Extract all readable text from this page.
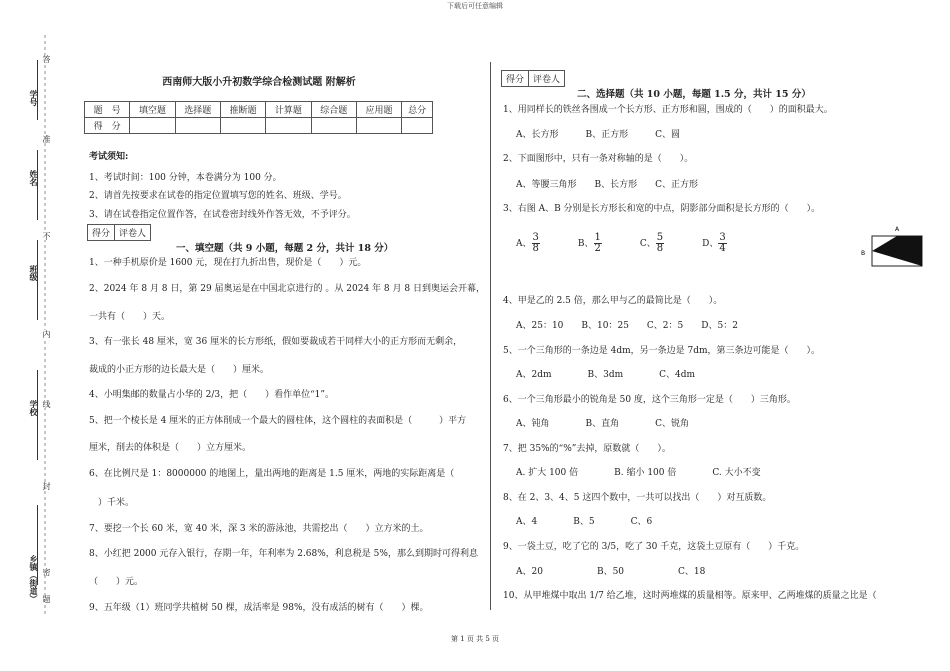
下载后可任意编辑
学号
姓名
班级
学校
乡镇（街道）
答
准
不
内
线
封
密
题
西南师大版小升初数学综合检测试题 附解析
题　号	填空题	选择题	推断题	计算题	综合题	应用题	总分
得　分							
考试须知:
1、考试时间：100 分钟，本卷满分为 100 分。
2、请首先按要求在试卷的指定位置填写您的姓名、班级、学号。
3、请在试卷指定位置作答，在试卷密封线外作答无效，不予评分。
得分	评卷人
一、填空题（共 9 小题，每题 2 分，共计 18 分）
1、一种手机原价是 1600 元，现在打九折出售，现价是（　　）元。
2、2024 年 8 月 8 日，第 29 届奥运是在中国北京进行的 。从 2024 年 8 月 8 日到奥运会开幕，
一共有（　　）天。
3、有一张长 48 厘米，宽 36 厘米的长方形纸，假如要裁成若干同样大小的正方形而无剩余，
裁成的小正方形的边长最大是（　　）厘米。
4、小明集邮的数量占小华的 2/3，把（　　）看作单位“1”。
5、把一个棱长是 4 厘米的正方体削成一个最大的圆柱体，这个圆柱的表面积是（　　　）平方
厘米，削去的体积是（　　）立方厘米。
6、在比例尺是 1：8000000 的地图上，量出两地的距离是 1.5 厘米，两地的实际距离是（
　）千米。
7、要挖一个长 60 米，宽 40 米，深 3 米的游泳池，共需挖出（　　）立方米的土。
8、小红把 2000 元存入银行，存期一年，年利率为 2.68%，利息税是 5%，那么到期时可得利息
（　　）元。
9、五年级（1）班同学共植树 50 棵，成活率是 98%，没有成活的树有（　　）棵。
得分	评卷人
二、选择题（共 10 小题，每题 1.5 分，共计 15 分）
1、用同样长的铁丝各围成一个长方形、正方形和圆，围成的（　　）的面积最大。
A、长方形　　　B、正方形　　　C、圆
2、下面图形中，只有一条对称轴的是（　　）。
A、等腰三角形　　B、长方形　　C、正方形
3、右图 A、B 分别是长方形长和宽的中点，阴影部分面积是长方形的（　　）。
A、 $\frac{3}{8}$	B、 $\frac{1}{2}$	C、 $\frac{5}{8}$	D、 $\frac{3}{4}$
A
B
4、甲是乙的 2.5 倍，那么甲与乙的最简比是（　　）。
A、25：10　　B、10：25　　C、2：5　　D、5：2
5、一个三角形的一条边是 4dm，另一条边是 7dm，第三条边可能是（　　）。
A、2dm　　　　B、3dm　　　　C、4dm
6、一个三角形最小的锐角是 50 度，这个三角形一定是（　　）三角形。
A、钝角　　　　B、直角　　　　C、锐角
7、把 35%的“%”去掉，原数就（　　）。
A. 扩大 100 倍　　　　B. 缩小 100 倍　　　　C. 大小不变
8、在 2、3、4、5 这四个数中，一共可以找出（　　）对互质数。
A、4　　　　B、5　　　　C、6
9、一袋土豆，吃了它的 3/5，吃了 30 千克，这袋土豆原有（　　）千克。
A、20　　　　　　B、50　　　　　　C、18
10、从甲堆煤中取出 1/7 给乙堆，这时两堆煤的质量相等。原来甲、乙两堆煤的质量之比是（
第 1 页 共 5 页
